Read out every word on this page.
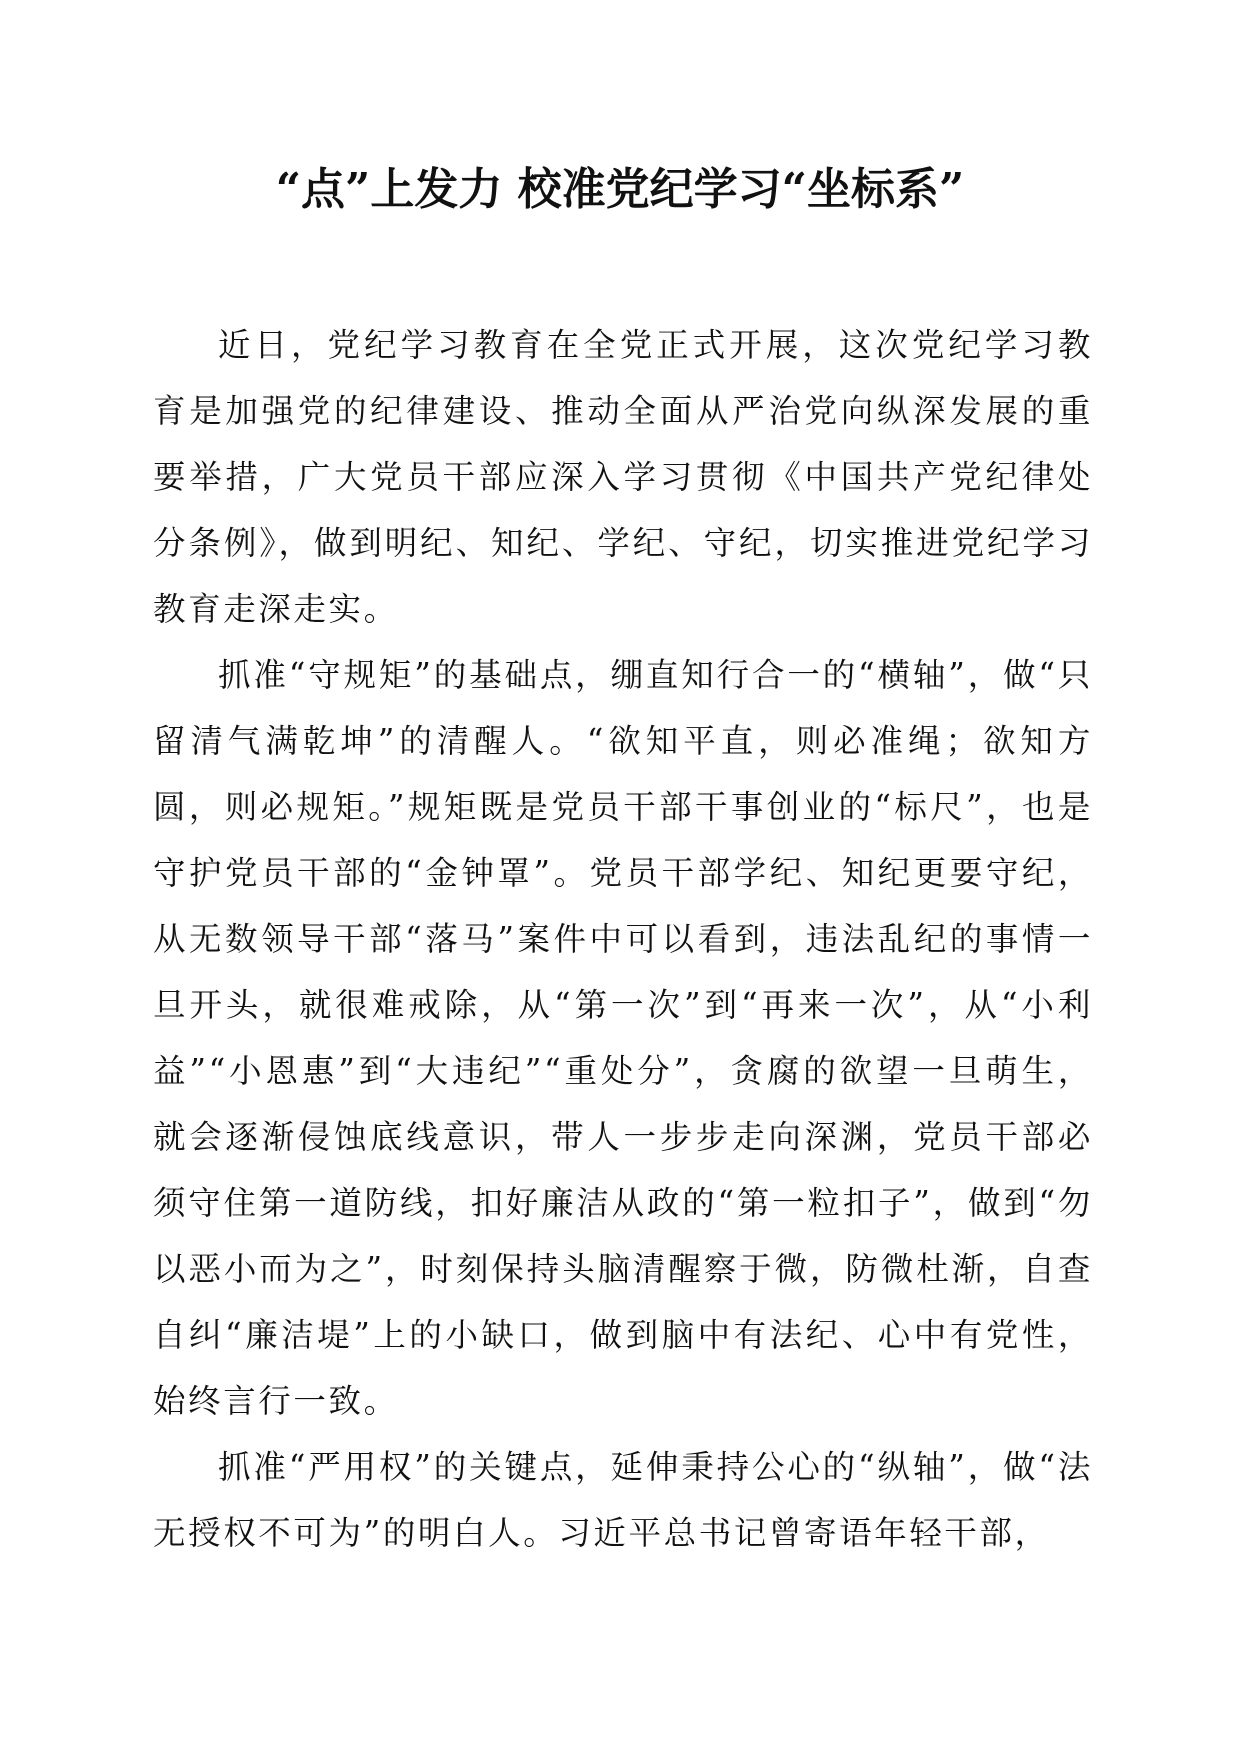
“点”上发力 校准党纪学习“坐标系”

近日，党纪学习教育在全党正式开展，这次党纪学习教育是加强党的纪律建设、推动全面从严治党向纵深发展的重要举措，广大党员干部应深入学习贯彻《中国共产党纪律处分条例》，做到明纪、知纪、学纪、守纪，切实推进党纪学习教育走深走实。

抓准“守规矩”的基础点，绷直知行合一的“横轴”，做“只留清气满乾坤”的清醒人。“欲知平直，则必准绳；欲知方圆，则必规矩。”规矩既是党员干部干事创业的“标尺”，也是守护党员干部的“金钟罩”。党员干部学纪、知纪更要守纪，从无数领导干部“落马”案件中可以看到，违法乱纪的事情一旦开头，就很难戒除，从“第一次”到“再来一次”，从“小利益”“小恩惠”到“大违纪”“重处分”，贪腐的欲望一旦萌生，就会逐渐侵蚀底线意识，带人一步步走向深渊，党员干部必须守住第一道防线，扣好廉洁从政的“第一粒扣子”，做到“勿以恶小而为之”，时刻保持头脑清醒察于微，防微杜渐，自查自纠“廉洁堤”上的小缺口，做到脑中有法纪、心中有党性，始终言行一致。

抓准“严用权”的关键点，延伸秉持公心的“纵轴”，做“法无授权不可为”的明白人。习近平总书记曾寄语年轻干部，
